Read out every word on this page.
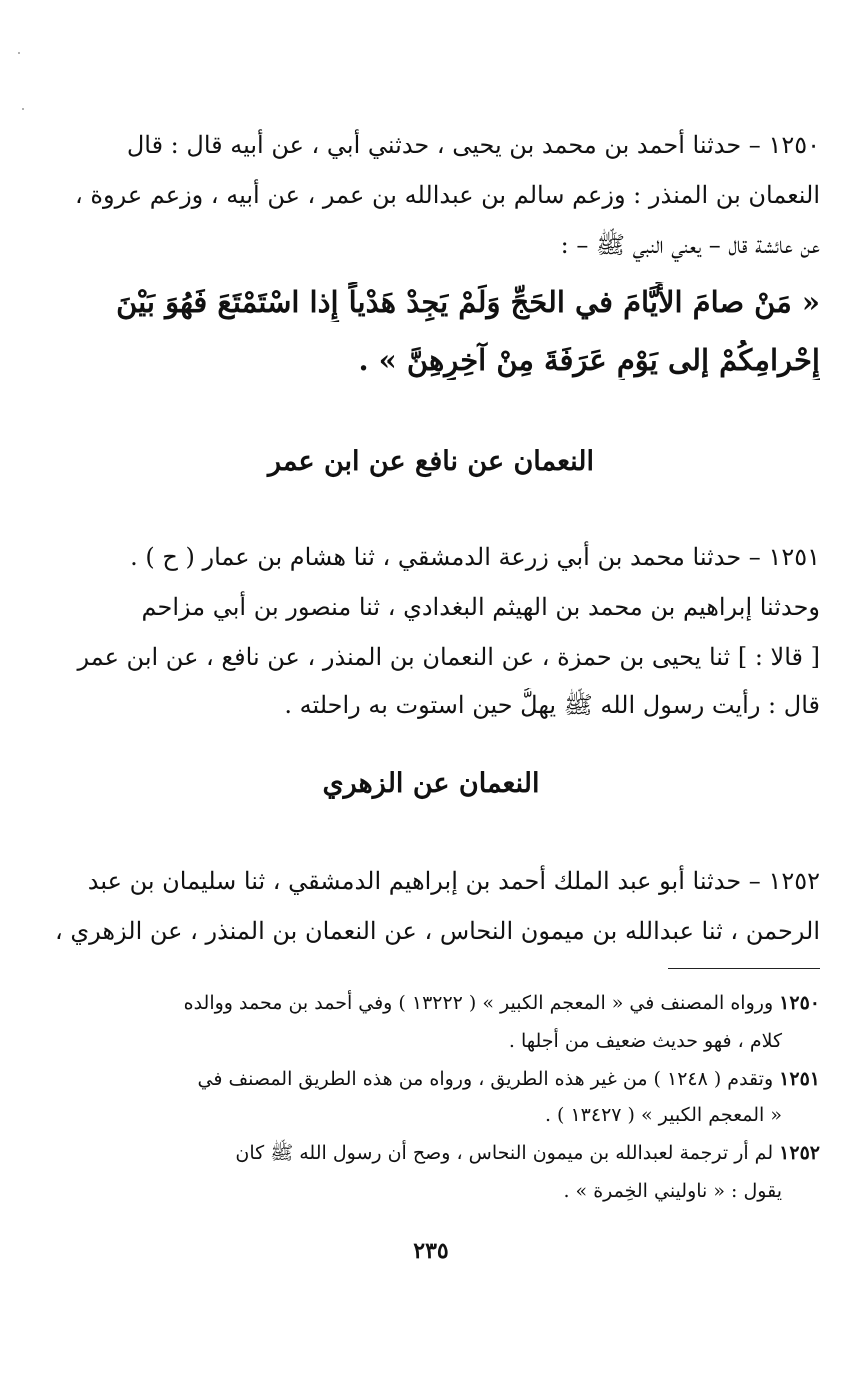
١٢٥٠ – حدثنا أحمد بن محمد بن يحيى ، حدثني أبي ، عن أبيه قال : قال
النعمان بن المنذر : وزعم سالم بن عبدالله بن عمر ، عن أبيه ، وزعم عروة ،
عن عائشة قال – يعني النبي ﷺ – :
« مَنْ صامَ الأَيَّامَ في الحَجِّ وَلَمْ يَجِدْ هَدْياً إِذا اسْتَمْتَعَ فَهُوَ بَيْنَ
إِحْرامِكُمْ إلى يَوْمِ عَرَفَةَ مِنْ آخِرِهِنَّ » .
النعمان عن نافع عن ابن عمر
١٢٥١ – حدثنا محمد بن أبي زرعة الدمشقي ، ثنا هشام بن عمار ( ح ) .
وحدثنا إبراهيم بن محمد بن الهيثم البغدادي ، ثنا منصور بن أبي مزاحم
[ قالا : ] ثنا يحيى بن حمزة ، عن النعمان بن المنذر ، عن نافع ، عن ابن عمر
قال : رأيت رسول الله ﷺ يهلُّ حين استوت به راحلته .
النعمان عن الزهري
١٢٥٢ – حدثنا أبو عبد الملك أحمد بن إبراهيم الدمشقي ، ثنا سليمان بن عبد
الرحمن ، ثنا عبدالله بن ميمون النحاس ، عن النعمان بن المنذر ، عن الزهري ،
١٢٥٠ ورواه المصنف في « المعجم الكبير » ( ١٣٢٢٢ ) وفي أحمد بن محمد ووالده
كلام ، فهو حديث ضعيف من أجلها .
١٢٥١ وتقدم ( ١٢٤٨ ) من غير هذه الطريق ، ورواه من هذه الطريق المصنف في
« المعجم الكبير » ( ١٣٤٢٧ ) .
١٢٥٢ لم أر ترجمة لعبدالله بن ميمون النحاس ، وصح أن رسول الله ﷺ كان
يقول : « ناوليني الخِمرة » .
٢٣٥
